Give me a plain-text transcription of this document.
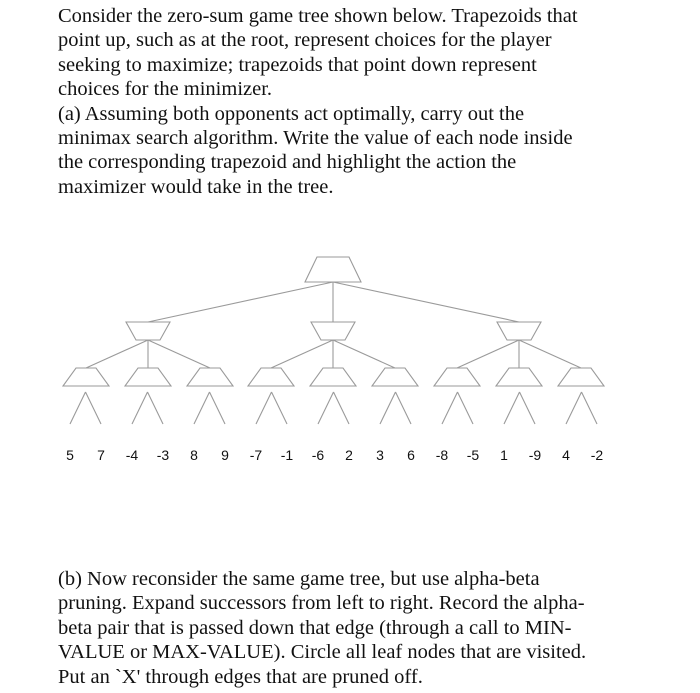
Consider the zero-sum game tree shown below. Trapezoids that
point up, such as at the root, represent choices for the player
seeking to maximize; trapezoids that point down represent
choices for the minimizer.
(a) Assuming both opponents act optimally, carry out the
minimax search algorithm. Write the value of each node inside
the corresponding trapezoid and highlight the action the
maximizer would take in the tree.
5 7 -4 -3 8 9 -7 -1 -6 2 3 6 -8 -5 1 -9 4 -2
(b) Now reconsider the same game tree, but use alpha-beta
pruning. Expand successors from left to right. Record the alpha-
beta pair that is passed down that edge (through a call to MIN-
VALUE or MAX-VALUE). Circle all leaf nodes that are visited.
Put an `X' through edges that are pruned off.
